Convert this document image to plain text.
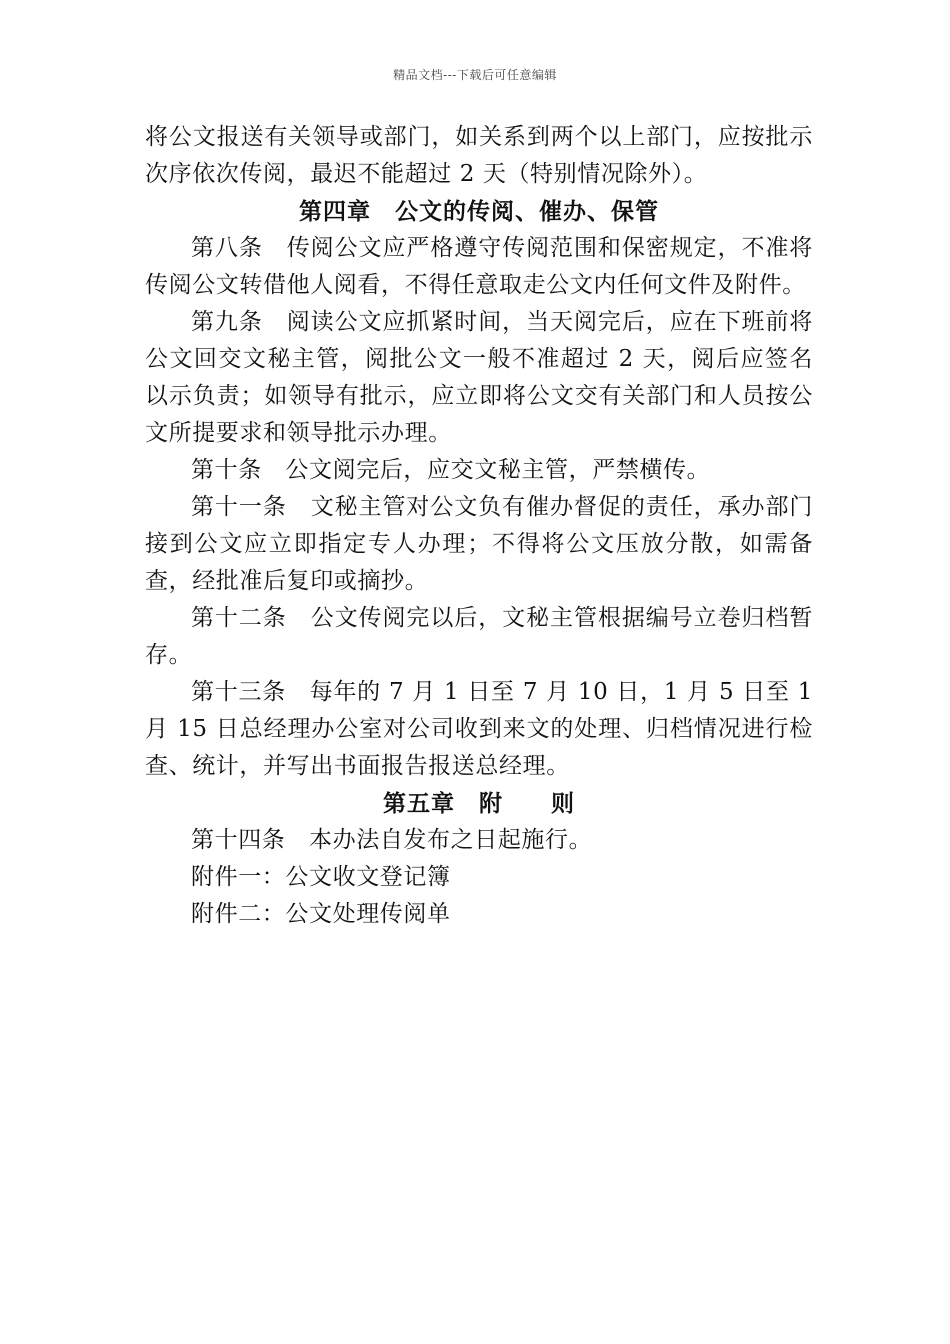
精品文档---下载后可任意编辑

将公文报送有关领导或部门，如关系到两个以上部门，应按批示次序依次传阅，最迟不能超过 2 天（特别情况除外）。

第四章　公文的传阅、催办、保管

第八条　 传阅公文应严格遵守传阅范围和保密规定，不准将传阅公文转借他人阅看，不得任意取走公文内任何文件及附件。

第九条　 阅读公文应抓紧时间，当天阅完后，应在下班前将公文回交文秘主管，阅批公文一般不准超过 2 天，阅后应签名以示负责；如领导有批示，应立即将公文交有关部门和人员按公文所提要求和领导批示办理。

第十条　 公文阅完后，应交文秘主管，严禁横传。

第十一条　 文秘主管对公文负有催办督促的责任，承办部门接到公文应立即指定专人办理；不得将公文压放分散，如需备查，经批准后复印或摘抄。

第十二条　 公文传阅完以后，文秘主管根据编号立卷归档暂存。

第十三条　 每年的 7 月 1 日至 7 月 10 日，1 月 5 日至 1 月 15 日总经理办公室对公司收到来文的处理、归档情况进行检查、统计，并写出书面报告报送总经理。

第五章　附　　则

第十四条　 本办法自发布之日起施行。

附件一：公文收文登记簿

附件二：公文处理传阅单
